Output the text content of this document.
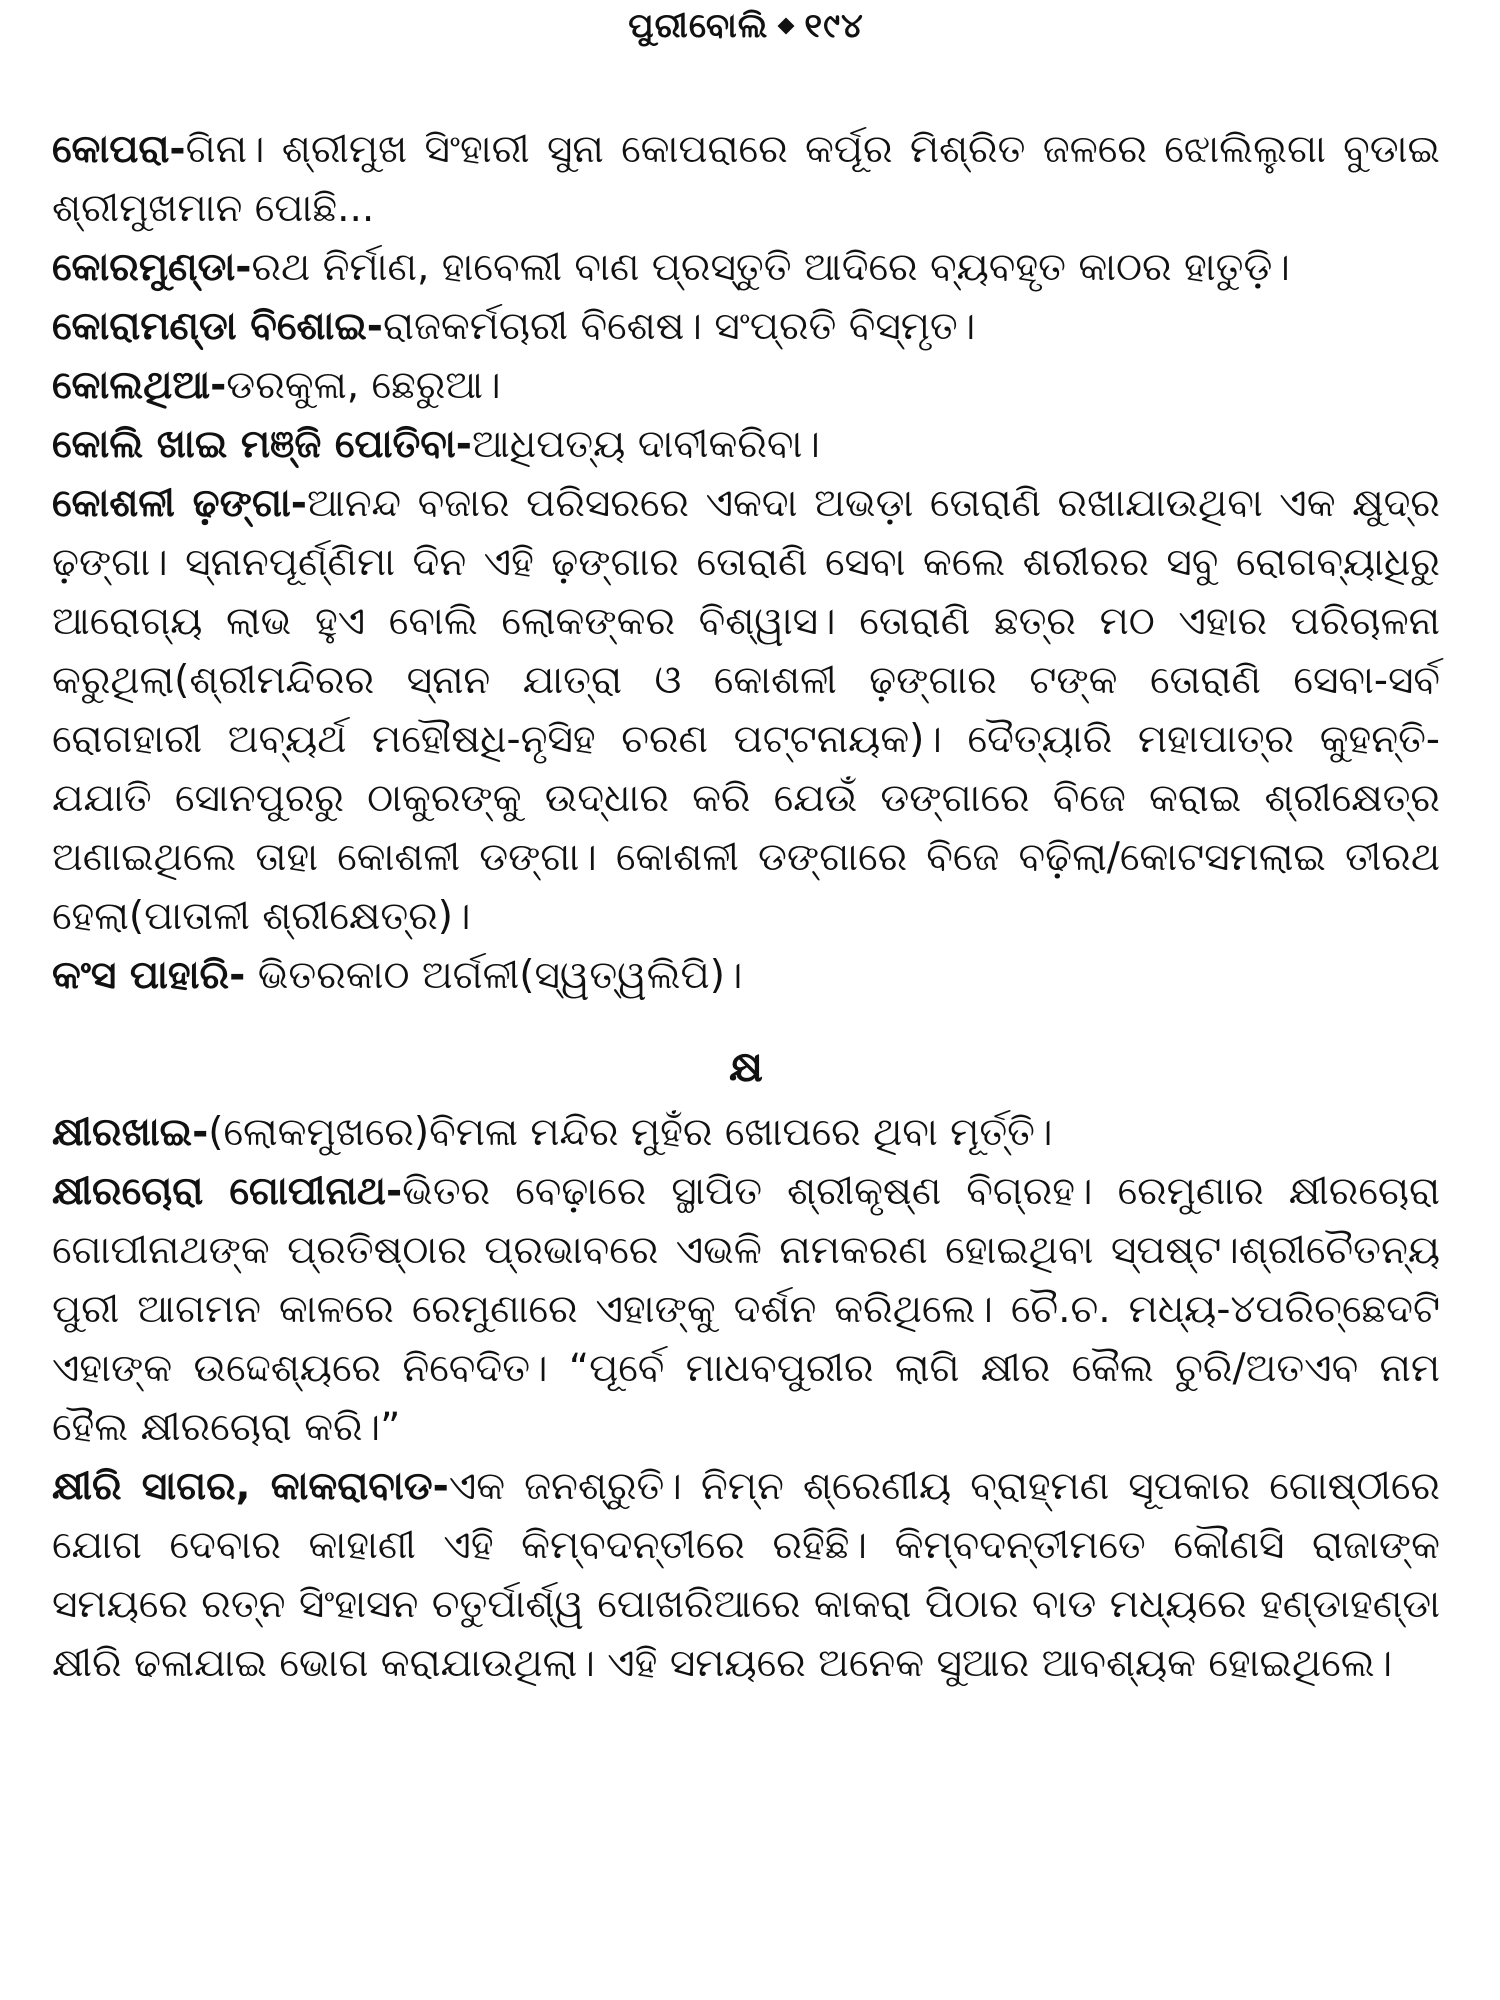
ପୁରୀବୋଲି ୧୯୪

କୋପରା-ଗିନା। ଶ୍ରୀମୁଖ ସିଂହାରୀ ସୁନା କୋପରାରେ କର୍ପୂର ମିଶ୍ରିତ ଜଳରେ ଝୋଲିଲୁଗା ବୁଡାଇ ଶ୍ରୀମୁଖମାନ ପୋଛି...

କୋରମୁଣ୍ଡା-ରଥ ନିର୍ମାଣ, ହାବେଲୀ ବାଣ ପ୍ରସ୍ତୁତି ଆଦିରେ ବ୍ୟବହୃତ କାଠର ହାତୁଡ଼ି।

କୋରାମଣ୍ଡା ବିଶୋଇ-ରାଜକର୍ମଚାରୀ ବିଶେଷ। ସଂପ୍ରତି ବିସ୍ମୃତ।

କୋଲଥିଆ-ଡରକୁଳା, ଛେରୁଆ।

କୋଲି ଖାଇ ମଞ୍ଜି ପୋତିବା-ଆଧିପତ୍ୟ ଦାବୀକରିବା।

କୋଶଳୀ ଢ଼ଙ୍ଗା-ଆନନ୍ଦ ବଜାର ପରିସରରେ ଏକଦା ଅଭଡ଼ା ତୋରାଣି ରଖାଯାଉଥିବା ଏକ କ୍ଷୁଦ୍ର ଢ଼ଙ୍ଗା। ସ୍ନାନପୂର୍ଣ୍ଣିମା ଦିନ ଏହି ଢ଼ଙ୍ଗାର ତୋରାଣି ସେବା କଲେ ଶରୀରର ସବୁ ରୋଗବ୍ୟାଧିରୁ ଆରୋଗ୍ୟ ଲାଭ ହୁଏ ବୋଲି ଲୋକଙ୍କର ବିଶ୍ୱାସ। ତୋରାଣି ଛତ୍ର ମଠ ଏହାର ପରିଚାଳନା କରୁଥିଲା(ଶ୍ରୀମନ୍ଦିରର ସ୍ନାନ ଯାତ୍ରା ଓ କୋଶଳୀ ଢ଼ଙ୍ଗାର ଟଙ୍କ ତୋରାଣି ସେବା-ସର୍ବ ରୋଗହାରୀ ଅବ୍ୟର୍ଥ ମହୌଷଧି-ନୃସିହ ଚରଣ ପଟ୍ଟନାୟକ)। ଦୈତ୍ୟାରି ମହାପାତ୍ର କୁହନ୍ତି-ଯଯାତି ସୋନପୁରରୁ ଠାକୁରଙ୍କୁ ଉଦ୍ଧାର କରି ଯେଉଁ ଡଙ୍ଗାରେ ବିଜେ କରାଇ ଶ୍ରୀକ୍ଷେତ୍ର ଅଣାଇଥିଲେ ତାହା କୋଶଳୀ ଡଙ୍ଗା। କୋଶଳୀ ଡଙ୍ଗାରେ ବିଜେ ବଢ଼ିଲା/କୋଟସମଲାଇ ତୀରଥ ହେଲା(ପାତାଳୀ ଶ୍ରୀକ୍ଷେତ୍ର)।

କଂସ ପାହାରି- ଭିତରକାଠ ଅର୍ଗଳୀ(ସ୍ୱତ୍ୱଲିପି)।

କ୍ଷ

କ୍ଷୀରଖାଇ-(ଲୋକମୁଖରେ)ବିମଳା ମନ୍ଦିର ମୁହଁର ଖୋପରେ ଥିବା ମୂର୍ତ୍ତି।

କ୍ଷୀରଚୋରା ଗୋପୀନାଥ-ଭିତର ବେଢ଼ାରେ ସ୍ଥାପିତ ଶ୍ରୀକୃଷ୍ଣ ବିଗ୍ରହ। ରେମୁଣାର କ୍ଷୀରଚୋରା ଗୋପୀନାଥଙ୍କ ପ୍ରତିଷ୍ଠାର ପ୍ରଭାବରେ ଏଭଳି ନାମକରଣ ହୋଇଥିବା ସ୍ପଷ୍ଟ।ଶ୍ରୀଚୈତନ୍ୟ ପୁରୀ ଆଗମନ କାଳରେ ରେମୁଣାରେ ଏହାଙ୍କୁ ଦର୍ଶନ କରିଥିଲେ। ଚୈ.ଚ. ମଧ୍ୟ-୪ପରିଚ୍ଛେଦଟି ଏହାଙ୍କ ଉଦ୍ଦେଶ୍ୟରେ ନିବେଦିତ। “ପୂର୍ବେ ମାଧବପୁରୀର ଲାଗି କ୍ଷୀର କୈଲ ଚୁରି/ଅତଏବ ନାମ ହୈଲ କ୍ଷୀରଚୋରା କରି।”

କ୍ଷୀରି ସାଗର, କାକରାବାଡ-ଏକ ଜନଶ୍ରୁତି। ନିମ୍ନ ଶ୍ରେଣୀୟ ବ୍ରାହ୍ମଣ ସୂପକାର ଗୋଷ୍ଠୀରେ ଯୋଗ ଦେବାର କାହାଣୀ ଏହି କିମ୍ବଦନ୍ତୀରେ ରହିଛି। କିମ୍ବଦନ୍ତୀମତେ କୌଣସି ରାଜାଙ୍କ ସମୟରେ ରତ୍ନ ସିଂହାସନ ଚତୁର୍ପାର୍ଶ୍ୱ ପୋଖରିଆରେ କାକରା ପିଠାର ବାଡ ମଧ୍ୟରେ ହଣ୍ଡାହଣ୍ଡା କ୍ଷୀରି ଢଳାଯାଇ ଭୋଗ କରାଯାଉଥିଲା। ଏହି ସମୟରେ ଅନେକ ସୁଆର ଆବଶ୍ୟକ ହୋଇଥିଲେ।
